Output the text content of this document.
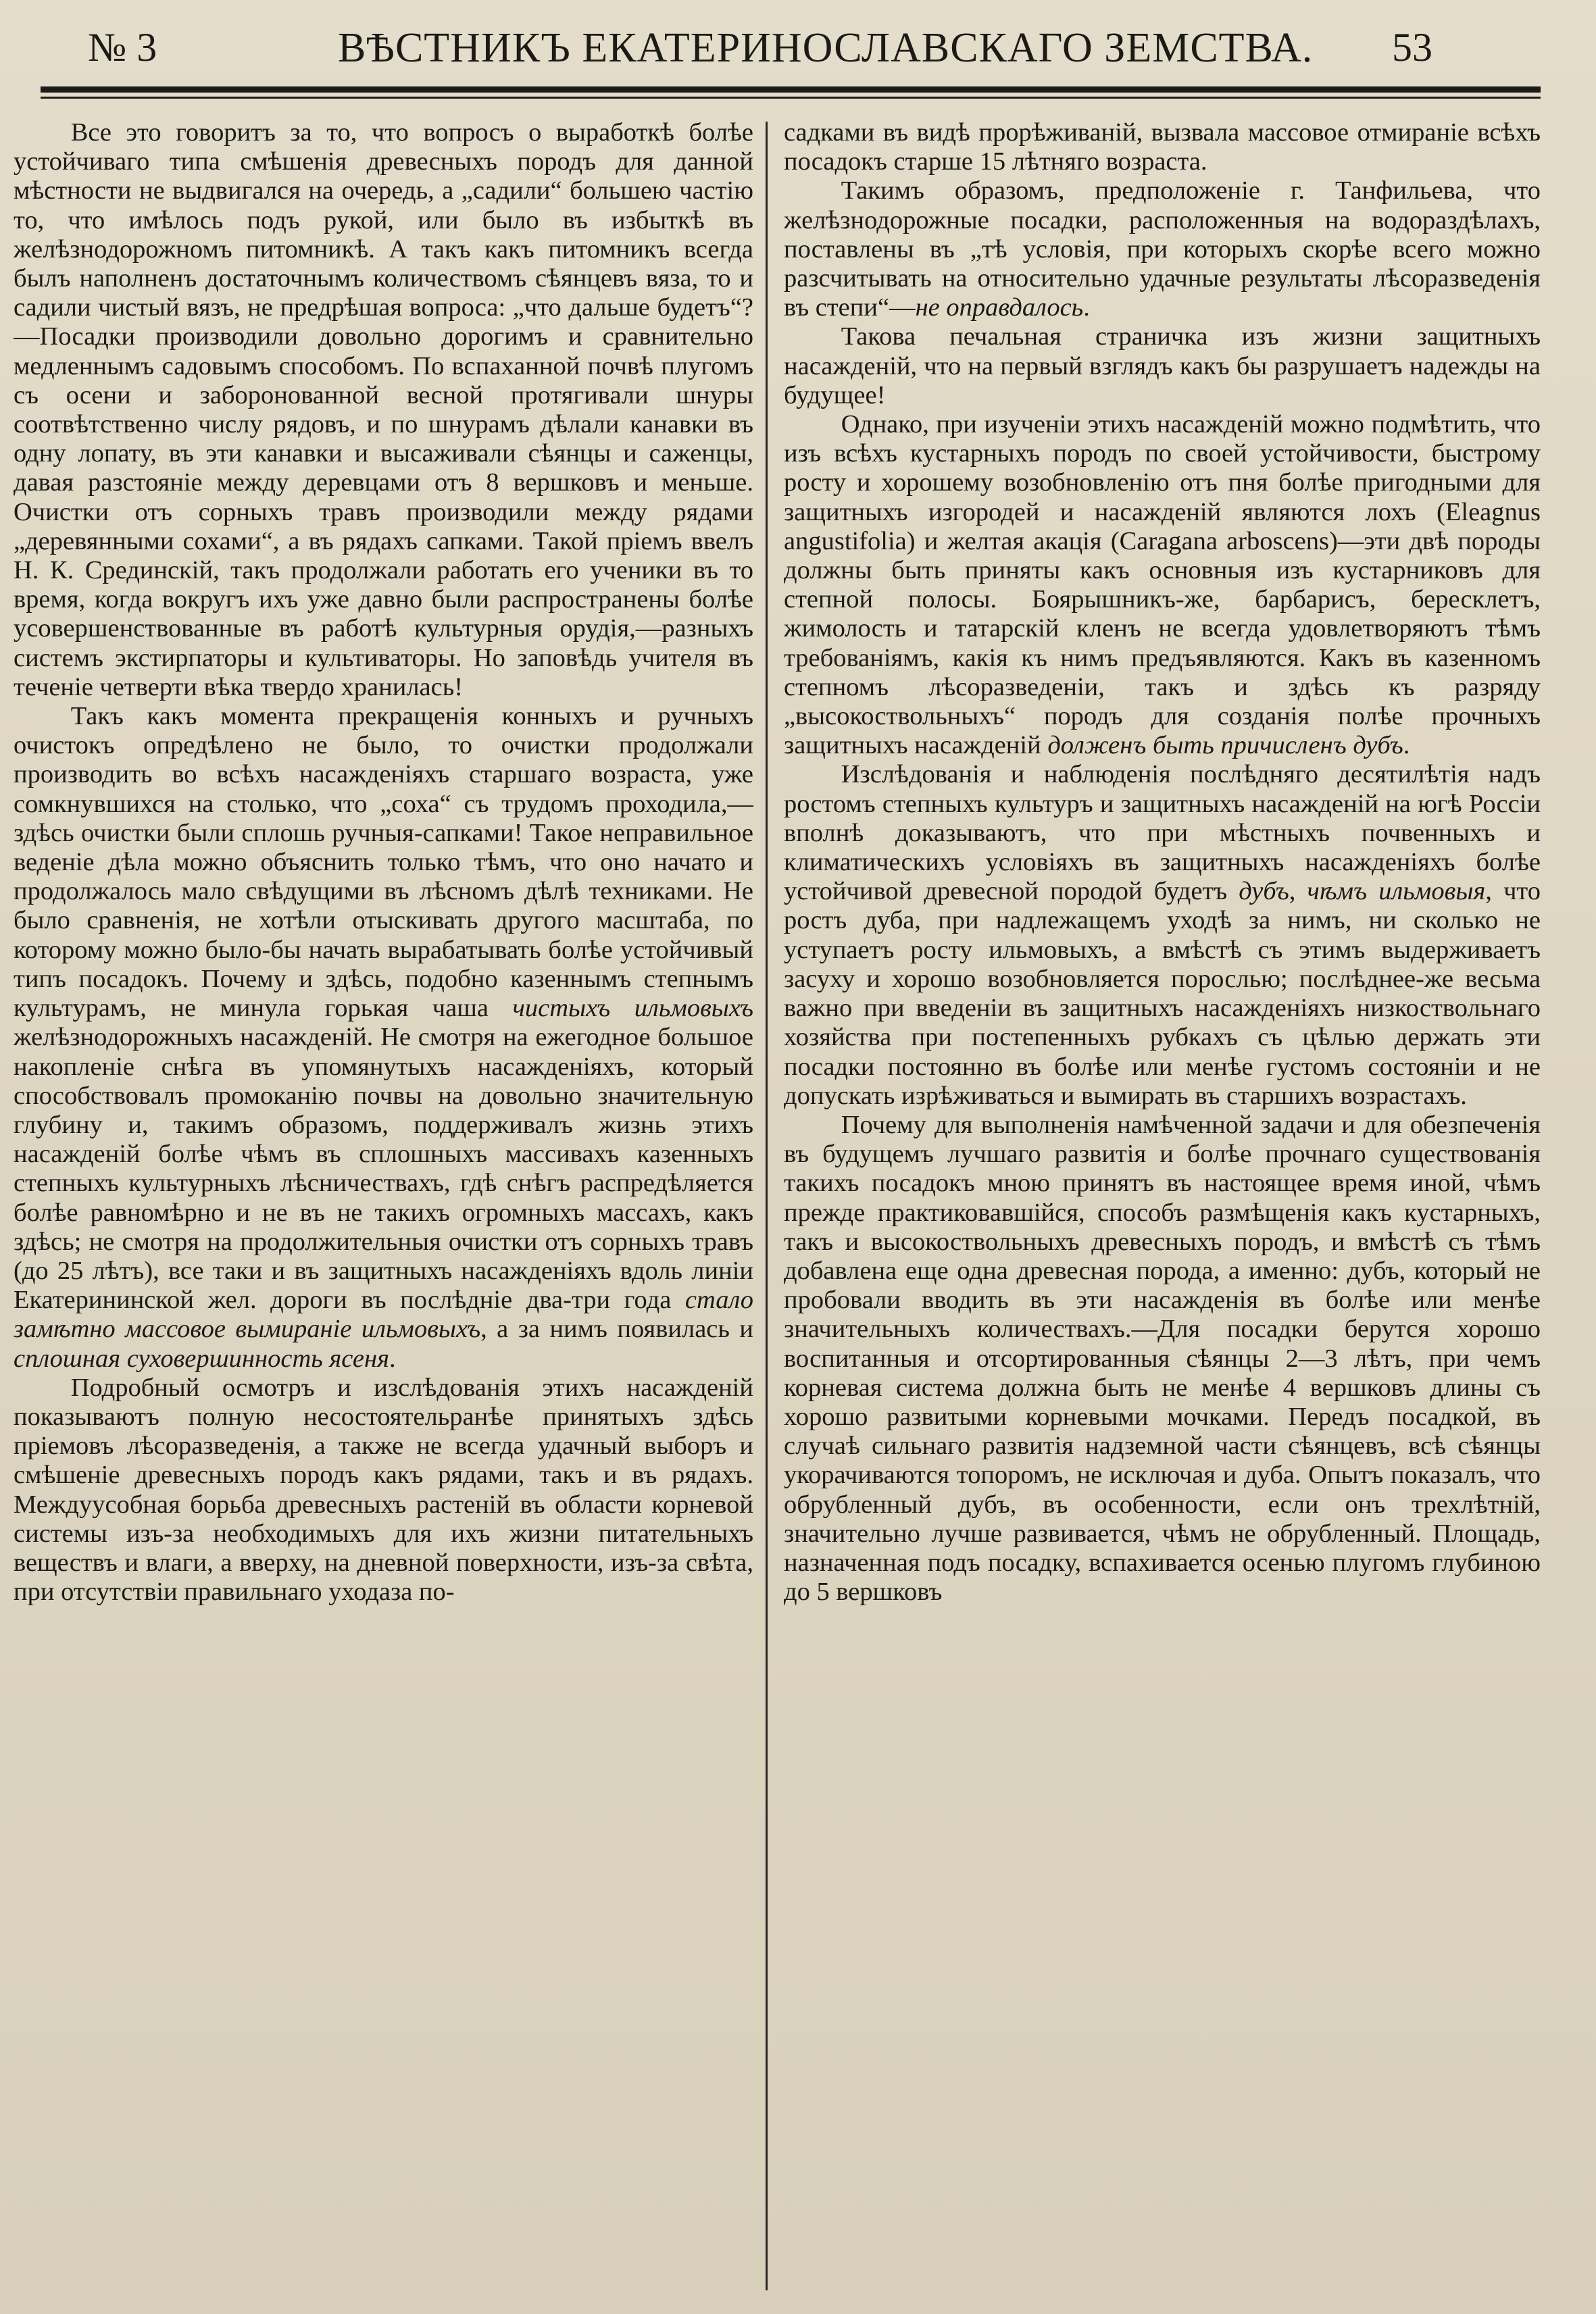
№ 3	ВѢСТНИКЪ ЕКАТЕРИНОСЛАВСКАГО ЗЕМСТВА. 53

Все это говоритъ за то, что вопросъ о выработкѣ болѣе устойчиваго типа смѣшенія древесныхъ породъ для данной мѣстности не выдвигался на очередь, а „садили“ большею частію то, что имѣлось подъ рукой, или было въ избыткѣ въ желѣзнодорожномъ питомникѣ. А такъ какъ питомникъ всегда былъ наполненъ достаточнымъ количествомъ сѣянцевъ вяза, то и садили чистый вязъ, не предрѣшая вопроса: „что дальше будетъ“?—Посадки производили довольно дорогимъ и сравнительно медленнымъ садовымъ способомъ. По вспаханной почвѣ плугомъ съ осени и заборонованной весной протягивали шнуры соотвѣтственно числу рядовъ, и по шнурамъ дѣлали канавки въ одну лопату, въ эти канавки и высаживали сѣянцы и саженцы, давая разстояніе между деревцами отъ 8 вершковъ и меньше. Очистки отъ сорныхъ травъ производили между рядами „деревянными сохами“, а въ рядахъ сапками. Такой пріемъ ввелъ Н. К. Срединскій, такъ продолжали работать его ученики въ то время, когда вокругъ ихъ уже давно были распространены болѣе усовершенствованные въ работѣ культурныя орудія,—разныхъ системъ экстирпаторы и культиваторы. Но заповѣдь учителя въ теченіе четверти вѣка твердо хранилась!

Такъ какъ момента прекращенія конныхъ и ручныхъ очистокъ опредѣлено не было, то очистки продолжали производить во всѣхъ насажденіяхъ старшаго возраста, уже сомкнувшихся на столько, что „соха“ съ трудомъ проходила,—здѣсь очистки были сплошь ручныя-сапками! Такое неправильное веденіе дѣла можно объяснить только тѣмъ, что оно начато и продолжалось мало свѣдущими въ лѣсномъ дѣлѣ техниками. Не было сравненія, не хотѣли отыскивать другого масштаба, по которому можно было-бы начать вырабатывать болѣе устойчивый типъ посадокъ. Почему и здѣсь, подобно казеннымъ степнымъ культурамъ, не минула горькая чаша чистыхъ ильмовыхъ желѣзнодорожныхъ насажденій. Не смотря на ежегодное большое накопленіе снѣга въ упомянутыхъ насажденіяхъ, который способствовалъ промоканію почвы на довольно значительную глубину и, такимъ образомъ, поддерживалъ жизнь этихъ насажденій болѣе чѣмъ въ сплошныхъ массивахъ казенныхъ степныхъ культурныхъ лѣсничествахъ, гдѣ снѣгъ распредѣляется болѣе равномѣрно и не въ не такихъ огромныхъ массахъ, какъ здѣсь; не смотря на продолжительныя очистки отъ сорныхъ травъ (до 25 лѣтъ), все таки и въ защитныхъ насажденіяхъ вдоль линіи Екатерининской жел. дороги въ послѣдніе два-три года стало замѣтно массовое вымираніе ильмовыхъ, а за нимъ появилась и сплошная суховершинность ясеня.

Подробный осмотръ и изслѣдованія этихъ насажденій показываютъ полную несостоятельранѣе принятыхъ здѣсь пріемовъ лѣсоразведенія, а также не всегда удачный выборъ и смѣшеніе древесныхъ породъ какъ рядами, такъ и въ рядахъ. Междуусобная борьба древесныхъ растеній въ области корневой системы изъ-за необходимыхъ для ихъ жизни питательныхъ веществъ и влаги, а вверху, на дневной поверхности, изъ-за свѣта, при отсутствіи правильнаго уходаза по-

садками въ видѣ прорѣживаній, вызвала массовое отмираніе всѣхъ посадокъ старше 15 лѣтняго возраста.

Такимъ образомъ, предположеніе г. Танфильева, что желѣзнодорожные посадки, расположенныя на водораздѣлахъ, поставлены въ „тѣ условія, при которыхъ скорѣе всего можно разсчитывать на относительно удачные результаты лѣсоразведенія въ степи“—не оправдалось.

Такова печальная страничка изъ жизни защитныхъ насажденій, что на первый взглядъ какъ бы разрушаетъ надежды на будущее!

Однако, при изученіи этихъ насажденій можно подмѣтить, что изъ всѣхъ кустарныхъ породъ по своей устойчивости, быстрому росту и хорошему возобновленію отъ пня болѣе пригодными для защитныхъ изгородей и насажденій являются лохъ (Eleagnus angustifolia) и желтая акація (Caragana arboscens)—эти двѣ породы должны быть приняты какъ основныя изъ кустарниковъ для степной полосы. Боярышникъ-же, барбарисъ, бересклетъ, жимолость и татарскій кленъ не всегда удовлетворяютъ тѣмъ требованіямъ, какія къ нимъ предъявляются. Какъ въ казенномъ степномъ лѣсоразведеніи, такъ и здѣсь къ разряду „высокоствольныхъ“ породъ для созданія полѣе прочныхъ защитныхъ насажденій долженъ быть причисленъ дубъ.

Изслѣдованія и наблюденія послѣдняго десятилѣтія надъ ростомъ степныхъ культуръ и защитныхъ насажденій на югѣ Россіи вполнѣ доказываютъ, что при мѣстныхъ почвенныхъ и климатическихъ условіяхъ въ защитныхъ насажденіяхъ болѣе устойчивой древесной породой будетъ дубъ, чѣмъ ильмовыя, что ростъ дуба, при надлежащемъ уходѣ за нимъ, ни сколько не уступаетъ росту ильмовыхъ, а вмѣстѣ съ этимъ выдерживаетъ засуху и хорошо возобновляется порослью; послѣднее-же весьма важно при введеніи въ защитныхъ насажденіяхъ низкоствольнаго хозяйства при постепенныхъ рубкахъ съ цѣлью держать эти посадки постоянно въ болѣе или менѣе густомъ состояніи и не допускать изрѣживаться и вымирать въ старшихъ возрастахъ.

Почему для выполненія намѣченной задачи и для обезпеченія въ будущемъ лучшаго развитія и болѣе прочнаго существованія такихъ посадокъ мною принятъ въ настоящее время иной, чѣмъ прежде практиковавшійся, способъ размѣщенія какъ кустарныхъ, такъ и высокоствольныхъ древесныхъ породъ, и вмѣстѣ съ тѣмъ добавлена еще одна древесная порода, а именно: дубъ, который не пробовали вводить въ эти насажденія въ болѣе или менѣе значительныхъ количествахъ.—Для посадки берутся хорошо воспитанныя и отсортированныя сѣянцы 2—3 лѣтъ, при чемъ корневая система должна быть не менѣе 4 вершковъ длины съ хорошо развитыми корневыми мочками. Передъ посадкой, въ случаѣ сильнаго развитія надземной части сѣянцевъ, всѣ сѣянцы укорачиваются топоромъ, не исключая и дуба. Опытъ показалъ, что обрубленный дубъ, въ особенности, если онъ трехлѣтній, значительно лучше развивается, чѣмъ не обрубленный. Площадь, назначенная подъ посадку, вспахивается осенью плугомъ глубиною до 5 вершковъ
